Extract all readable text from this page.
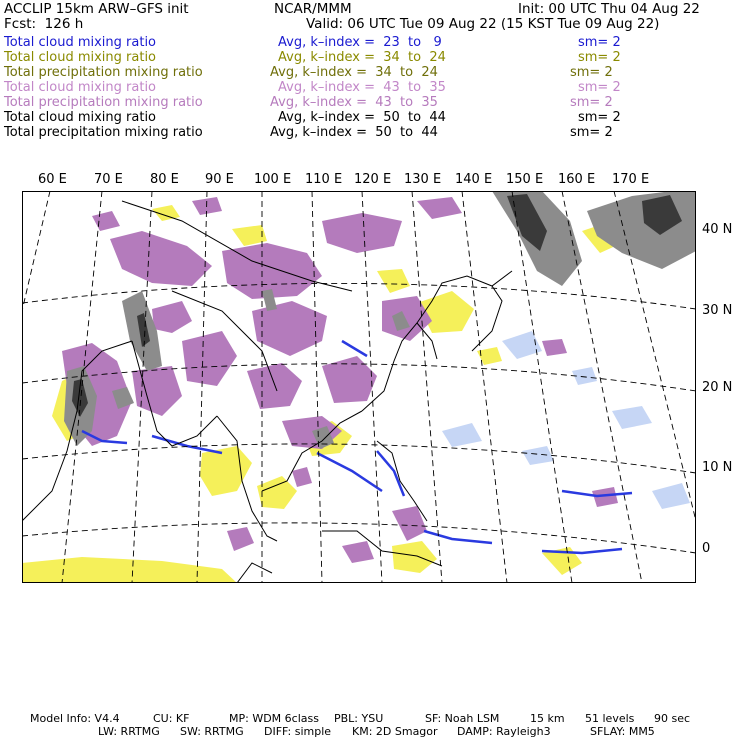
ACCLIP 15km ARW–GFS init	NCAR/MMM	Init: 00 UTC Thu 04 Aug 22
Fcst:  126 h	Valid: 06 UTC Tue 09 Aug 22 (15 KST Tue 09 Aug 22)
Total cloud mixing ratio	Avg, k–index =  23  to   9	sm= 2
Total cloud mixing ratio	Avg, k–index =  34  to  24	sm= 2
Total precipitation mixing ratio	Avg, k–index =  34  to  24	sm= 2
Total cloud mixing ratio	Avg, k–index =  43  to  35	sm= 2
Total precipitation mixing ratio	Avg, k–index =  43  to  35	sm= 2
Total cloud mixing ratio	Avg, k–index =  50  to  44	sm= 2
Total precipitation mixing ratio	Avg, k–index =  50  to  44	sm= 2
60 E 70 E 80 E 90 E 100 E 110 E 120 E 130 E 140 E 150 E 160 E 170 E
40 N
30 N
20 N
10 N
0
Model Info: V4.4	CU: KF	MP: WDM 6class PBL: YSU	SF: Noah LSM	15 km 51 levels 90 sec
LW: RRTMG SW: RRTMG DIFF: simple KM: 2D Smagor DAMP: Rayleigh3	SFLAY: MM5
